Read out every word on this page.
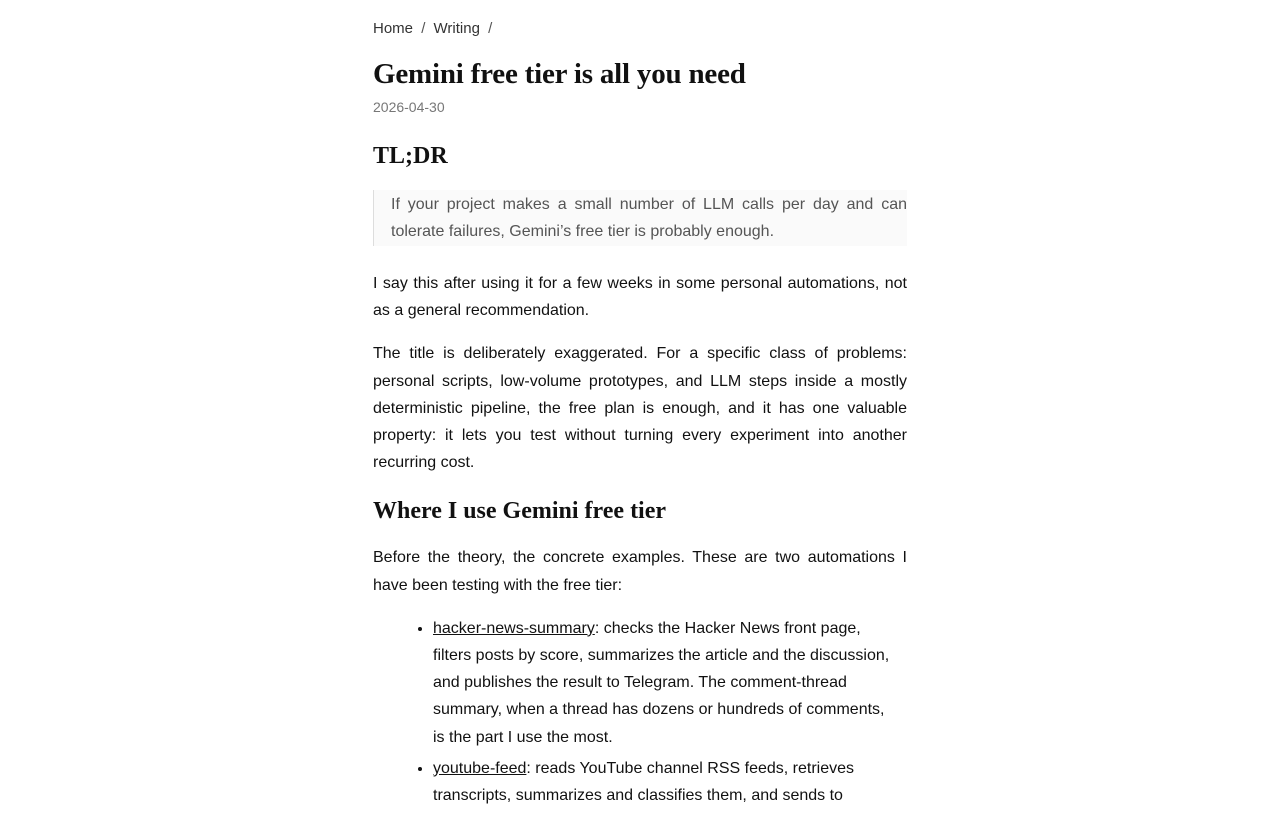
Home / Writing /
Gemini free tier is all you need
2026-04-30
TL;DR
If your project makes a small number of LLM calls per day and can tolerate failures, Gemini’s free tier is probably enough.

I say this after using it for a few weeks in some personal automations, not as a general recommendation.

The title is deliberately exaggerated. For a specific class of problems: personal scripts, low-volume prototypes, and LLM steps inside a mostly deterministic pipeline, the free plan is enough, and it has one valuable property: it lets you test without turning every experiment into another recurring cost.

Where I use Gemini free tier

Before the theory, the concrete examples. These are two automations I have been testing with the free tier:

• hacker-news-summary: checks the Hacker News front page, filters posts by score, summarizes the article and the discussion, and publishes the result to Telegram. The comment-thread summary, when a thread has dozens or hundreds of comments, is the part I use the most.
• youtube-feed: reads YouTube channel RSS feeds, retrieves transcripts, summarizes and classifies them, and sends to
